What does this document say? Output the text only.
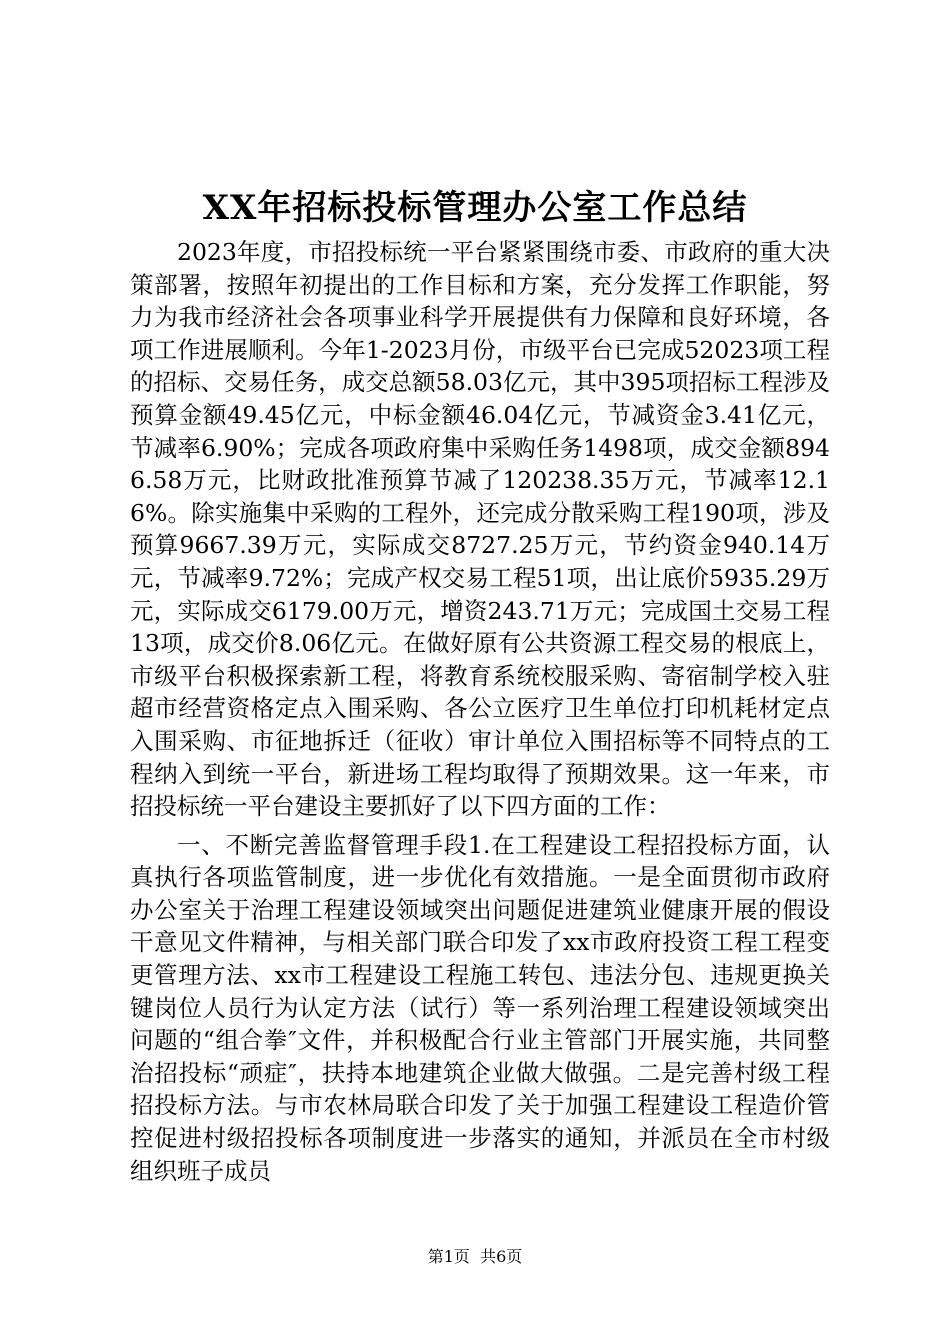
XX年招标投标管理办公室工作总结

2023年度，市招投标统一平台紧紧围绕市委、市政府的重大决策部署，按照年初提出的工作目标和方案，充分发挥工作职能，努力为我市经济社会各项事业科学开展提供有力保障和良好环境，各项工作进展顺利。今年1-2023月份，市级平台已完成52023项工程的招标、交易任务，成交总额58.03亿元，其中395项招标工程涉及预算金额49.45亿元，中标金额46.04亿元，节减资金3.41亿元，节减率6.90%；完成各项政府集中采购任务1498项，成交金额8946.58万元，比财政批准预算节减了120238.35万元，节减率12.16%。除实施集中采购的工程外，还完成分散采购工程190项，涉及预算9667.39万元，实际成交8727.25万元，节约资金940.14万元，节减率9.72%；完成产权交易工程51项，出让底价5935.29万元，实际成交6179.00万元，增资243.71万元；完成国土交易工程13项，成交价8.06亿元。在做好原有公共资源工程交易的根底上，市级平台积极探索新工程，将教育系统校服采购、寄宿制学校入驻超市经营资格定点入围采购、各公立医疗卫生单位打印机耗材定点入围采购、市征地拆迁（征收）审计单位入围招标等不同特点的工程纳入到统一平台，新进场工程均取得了预期效果。这一年来，市招投标统一平台建设主要抓好了以下四方面的工作：

一、不断完善监督管理手段1.在工程建设工程招投标方面，认真执行各项监管制度，进一步优化有效措施。一是全面贯彻市政府办公室关于治理工程建设领域突出问题促进建筑业健康开展的假设干意见文件精神，与相关部门联合印发了xx市政府投资工程工程变更管理方法、xx市工程建设工程施工转包、违法分包、违规更换关键岗位人员行为认定方法（试行）等一系列治理工程建设领域突出问题的“组合拳″文件，并积极配合行业主管部门开展实施，共同整治招投标“顽症″，扶持本地建筑企业做大做强。二是完善村级工程招投标方法。与市农林局联合印发了关于加强工程建设工程造价管控促进村级招投标各项制度进一步落实的通知，并派员在全市村级组织班子成员

第1页 共6页
